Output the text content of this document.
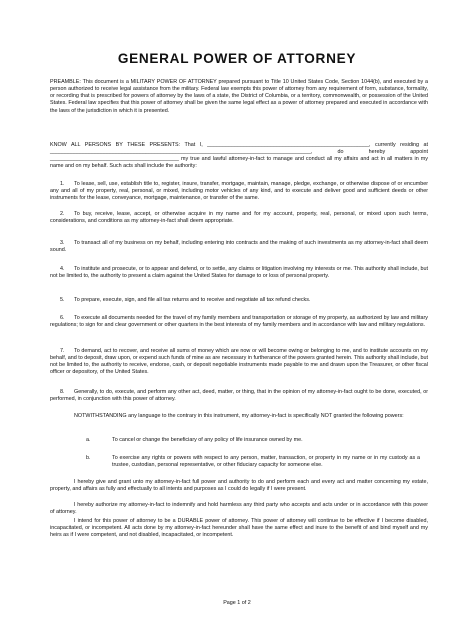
GENERAL POWER OF ATTORNEY
PREAMBLE: This document is a MILITARY POWER OF ATTORNEY prepared pursuant to Title 10 United States Code, Section 1044(b), and executed by a person authorized to receive legal assistance from the military. Federal law exempts this power of attorney from any requirement of form, substance, formality, or recording that is prescribed for powers of attorney by the laws of a state, the District of Columbia, or a territory, commonwealth, or possession of the United States. Federal law specifies that this power of attorney shall be given the same legal effect as a power of attorney prepared and executed in accordance with the laws of the jurisdiction in which it is presented.
KNOW ALL PERSONS BY THESE PRESENTS: That I, ______________________________________________________, currently residing at _______________________________________________________________________________________, do hereby appoint ___________________________________________ my true and lawful attorney-in-fact to manage and conduct all my affairs and act in all matters in my name and on my behalf. Such acts shall include the authority:
1.	To lease, sell, use, establish title to, register, insure, transfer, mortgage, maintain, manage, pledge, exchange, or otherwise dispose of or encumber any and all of my property, real, personal, or mixed, including motor vehicles of any kind, and to execute and deliver good and sufficient deeds or other instruments for the lease, conveyance, mortgage, maintenance, or transfer of the same.
2.	To buy, receive, lease, accept, or otherwise acquire in my name and for my account, property, real, personal, or mixed upon such terms, considerations, and conditions as my attorney-in-fact shall deem appropriate.
3.	To transact all of my business on my behalf, including entering into contracts and the making of such investments as my attorney-in-fact shall deem sound.
4.	To institute and prosecute, or to appear and defend, or to settle, any claims or litigation involving my interests or me. This authority shall include, but not be limited to, the authority to present a claim against the United States for damage to or loss of personal property.
5.	To prepare, execute, sign, and file all tax returns and to receive and negotiate all tax refund checks.
6.	To execute all documents needed for the travel of my family members and transportation or storage of my property, as authorized by law and military regulations; to sign for and clear government or other quarters in the best interests of my family members and in accordance with law and military regulations.
7.	To demand, act to recover, and receive all sums of money which are now or will become owing or belonging to me, and to institute accounts on my behalf, and to deposit, draw upon, or expend such funds of mine as are necessary in furtherance of the powers granted herein. This authority shall include, but not be limited to, the authority to receive, endorse, cash, or deposit negotiable instruments made payable to me and drawn upon the Treasurer, or other fiscal officer or depository, of the United States.
8.	Generally, to do, execute, and perform any other act, deed, matter, or thing, that in the opinion of my attorney-in-fact ought to be done, executed, or performed, in conjunction with this power of attorney.
NOTWITHSTANDING any language to the contrary in this instrument, my attorney-in-fact is specifically NOT granted the following powers:
a.	To cancel or change the beneficiary of any policy of life insurance owned by me.
b.	To exercise any rights or powers with respect to any person, matter, transaction, or property in my name or in my custody as a trustee, custodian, personal representative, or other fiduciary capacity for someone else.
I hereby give and grant unto my attorney-in-fact full power and authority to do and perform each and every act and matter concerning my estate, property, and affairs as fully and effectually to all intents and purposes as I could do legally if I were present.
I hereby authorize my attorney-in-fact to indemnify and hold harmless any third party who accepts and acts under or in accordance with this power of attorney.
I intend for this power of attorney to be a DURABLE power of attorney. This power of attorney will continue to be effective if I become disabled, incapacitated, or incompetent. All acts done by my attorney-in-fact hereunder shall have the same effect and inure to the benefit of and bind myself and my heirs as if I were competent, and not disabled, incapacitated, or incompetent.
Page 1 of 2
